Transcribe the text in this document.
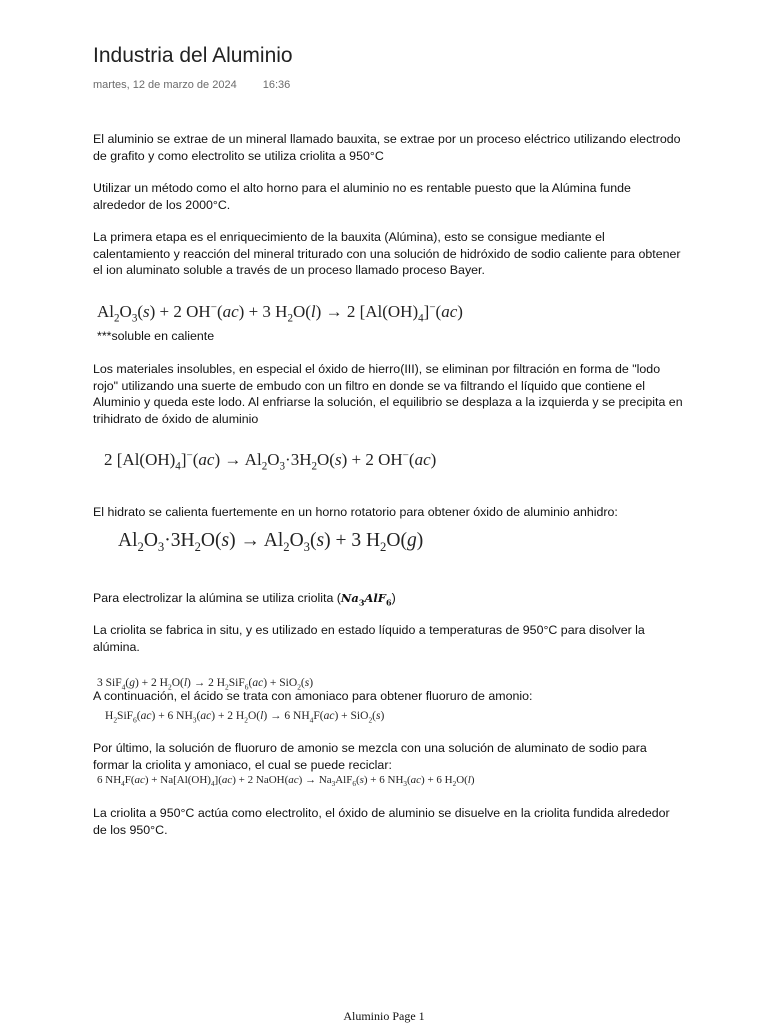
Industria del Aluminio
martes, 12 de marzo de 2024 16:36
El aluminio se extrae de un mineral llamado bauxita, se extrae por un proceso eléctrico utilizando electrodo de grafito y como electrolito se utiliza criolita a 950°C
Utilizar un método como el alto horno para el aluminio no es rentable puesto que la Alúmina funde alrededor de los 2000°C.
La primera etapa es el enriquecimiento de la bauxita (Alúmina), esto se consigue mediante el calentamiento y reacción del mineral triturado con una solución de hidróxido de sodio caliente para obtener el ion aluminato soluble a través de un proceso llamado proceso Bayer.
$Al_2O_3(s) + 2$ OH−(ac) + 3 $H_2O(l) \to 2$ $[Al(OH)_4]^-(ac)$
***soluble en caliente
Los materiales insolubles, en especial el óxido de hierro(III), se eliminan por filtración en forma de "lodo rojo" utilizando una suerte de embudo con un filtro en donde se va filtrando el líquido que contiene el Aluminio y queda este lodo. Al enfriarse la solución, el equilibrio se desplaza a la izquierda y se precipita en trihidrato de óxido de aluminio
2 $[Al(OH)_4]^-(ac) \to Al_2O_3\cdot 3H_2O(s) + 2$ OH−(ac)
El hidrato se calienta fuertemente en un horno rotatorio para obtener óxido de aluminio anhidro:
$Al_2O_3\cdot 3H_2O(s) \to Al_2O_3(s) + 3$ $H_2O(g)$
Para electrolizar la alúmina se utiliza criolita $(Na_3AlF_6)$
La criolita se fabrica in situ, y es utilizado en estado líquido a temperaturas de 950°C para disolver la alúmina.
3 SiF$_4$(g) + 2 $H_2O(l) \to 2$ $H_2SiF_6(ac) + SiO_2(s)$
A continuación, el ácido se trata con amoniaco para obtener fluoruro de amonio:
$H_2SiF_6(ac) + 6$ $NH_3(ac) + 2$ $H_2O(l) \to 6$ $NH_4F(ac) + SiO_2(s)$
Por último, la solución de fluoruro de amonio se mezcla con una solución de aluminato de sodio para formar la criolita y amoniaco, el cual se puede reciclar:
6 $NH_4F(ac) + Na[Al(OH)_4](ac) + 2$ NaOH(ac) → $Na_3AlF_6(s) + 6$ $NH_3(ac) + 6$ $H_2O(l)$
La criolita a 950°C actúa como electrolito, el óxido de aluminio se disuelve en la criolita fundida alrededor de los 950°C.
Aluminio Page 1
